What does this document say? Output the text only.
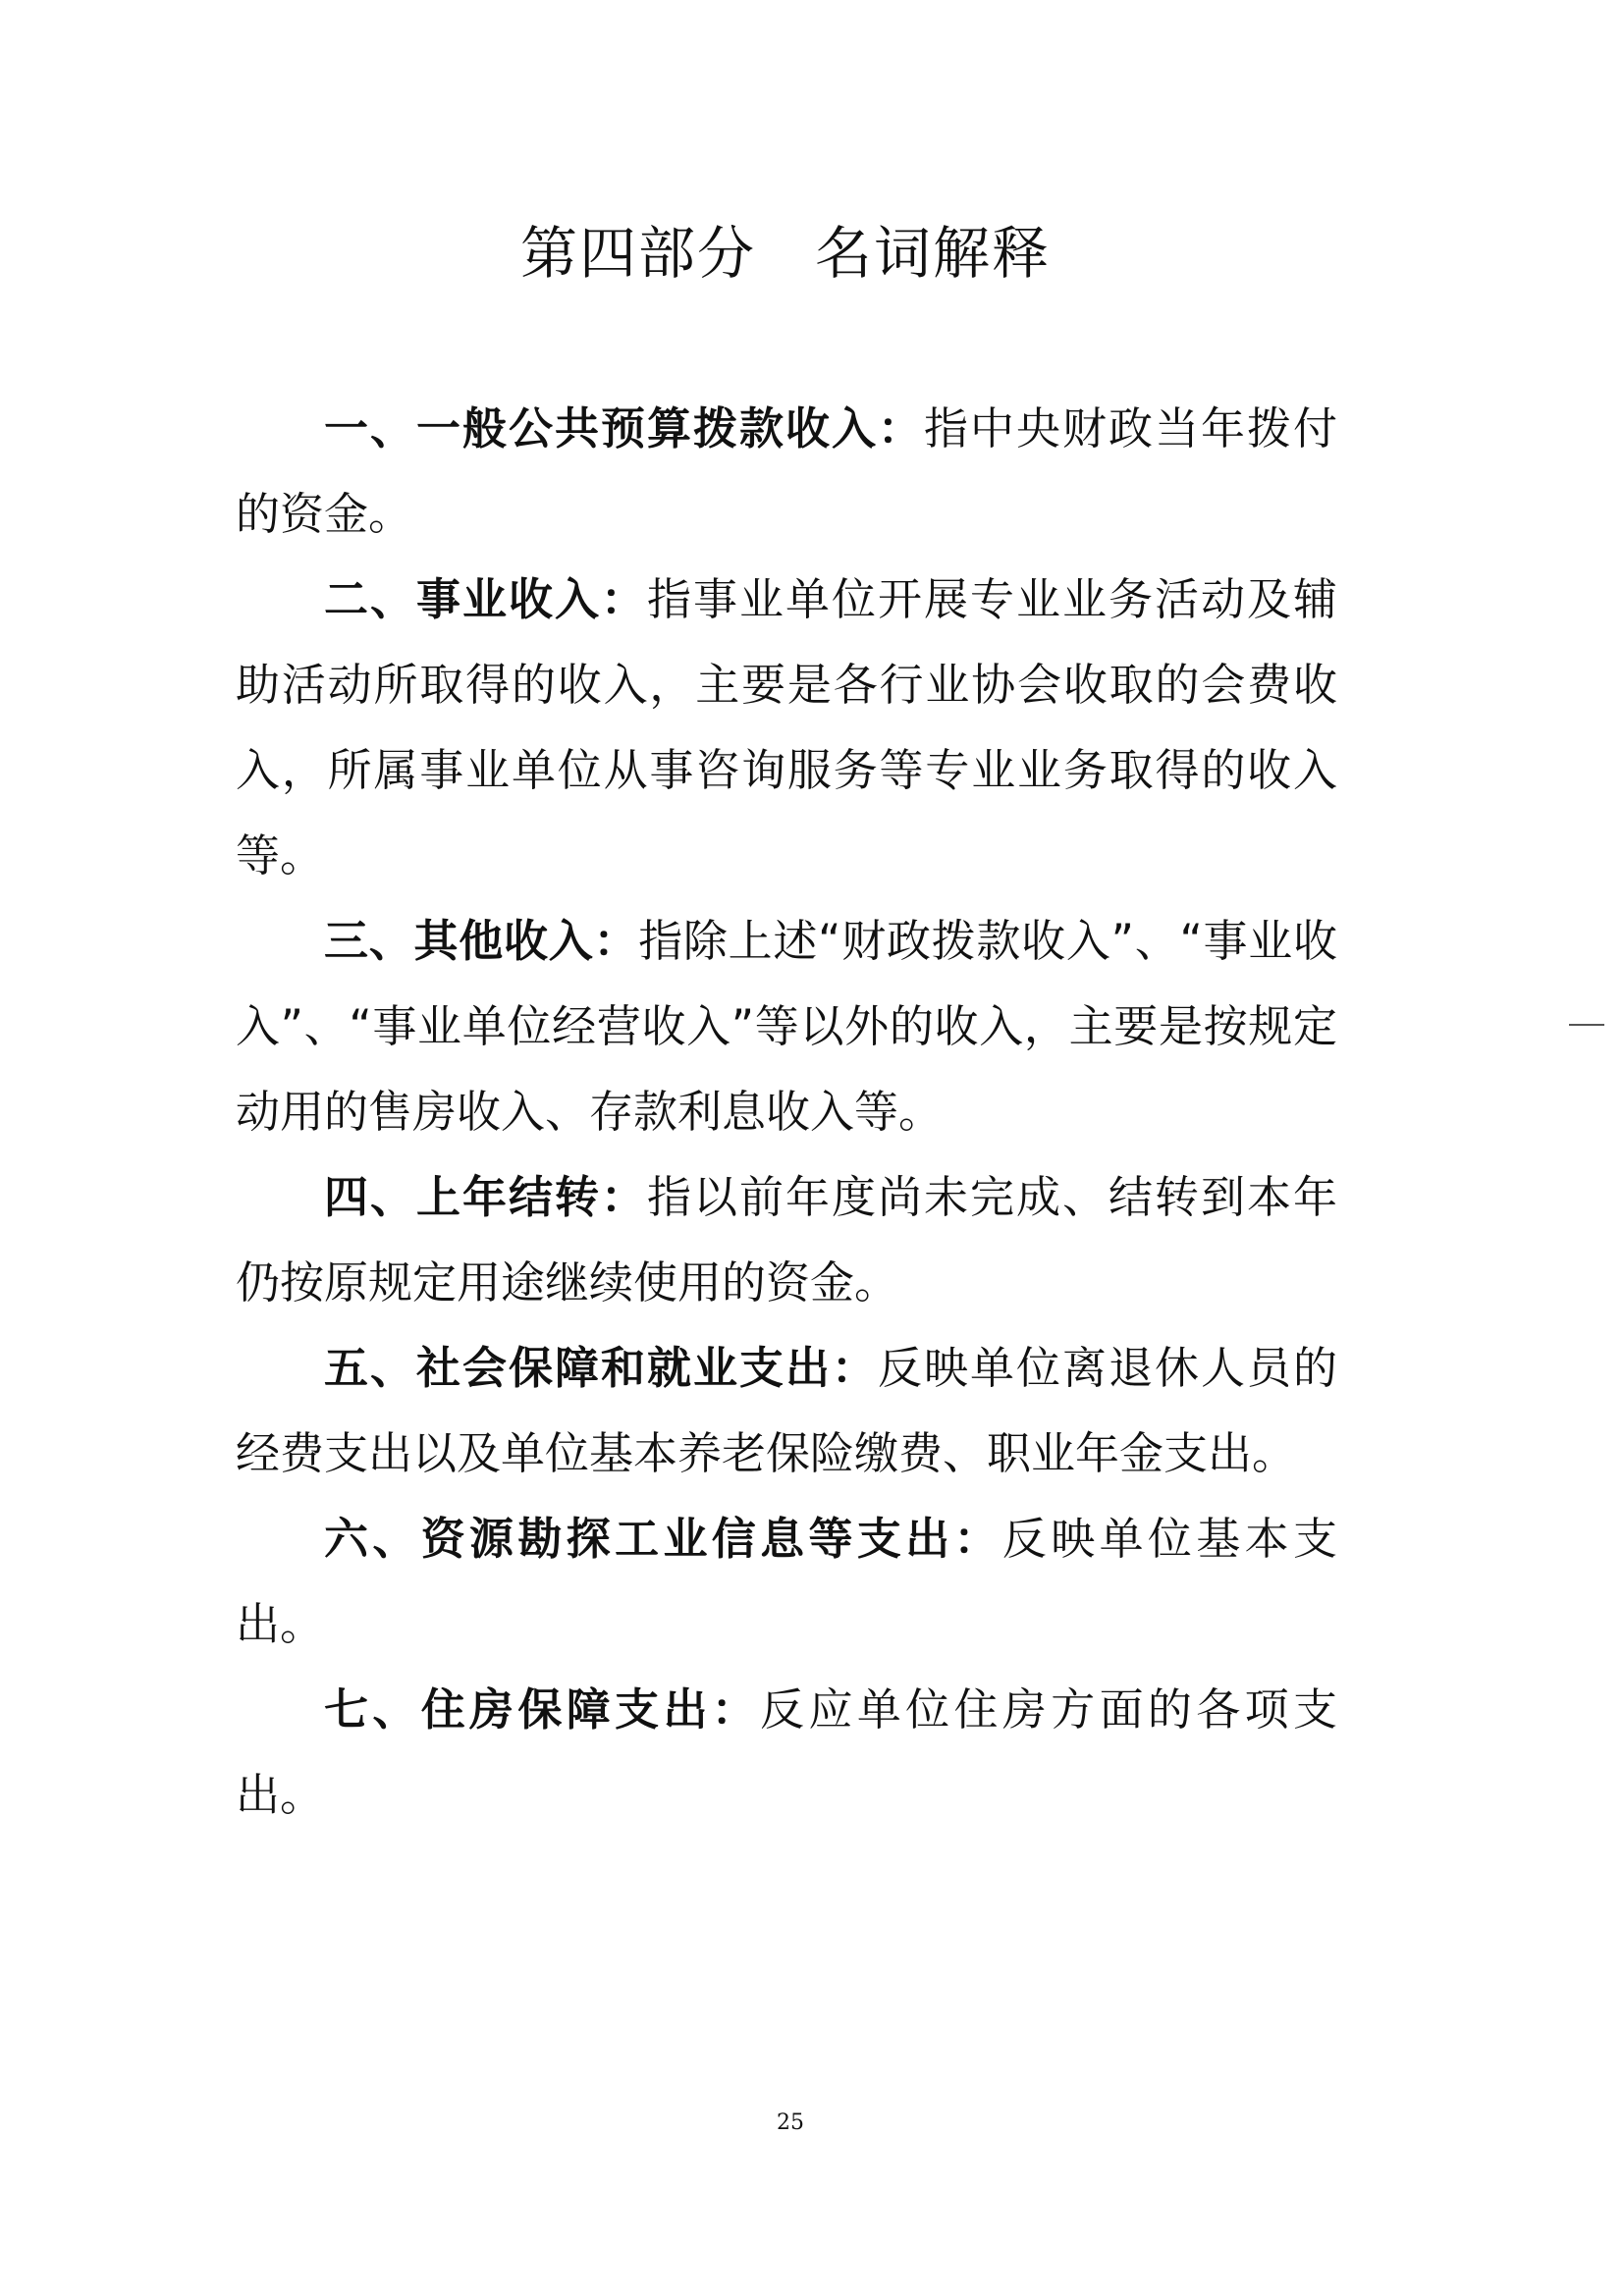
第四部分　名词解释

一、一般公共预算拨款收入：指中央财政当年拨付的资金。

二、事业收入：指事业单位开展专业业务活动及辅助活动所取得的收入，主要是各行业协会收取的会费收入，所属事业单位从事咨询服务等专业业务取得的收入等。

三、其他收入：指除上述“财政拨款收入”、“事业收入”、“事业单位经营收入”等以外的收入，主要是按规定动用的售房收入、存款利息收入等。

四、上年结转：指以前年度尚未完成、结转到本年仍按原规定用途继续使用的资金。

五、社会保障和就业支出：反映单位离退休人员的经费支出以及单位基本养老保险缴费、职业年金支出。

六、资源勘探工业信息等支出：反映单位基本支出。

七、住房保障支出：反应单位住房方面的各项支出。

25
